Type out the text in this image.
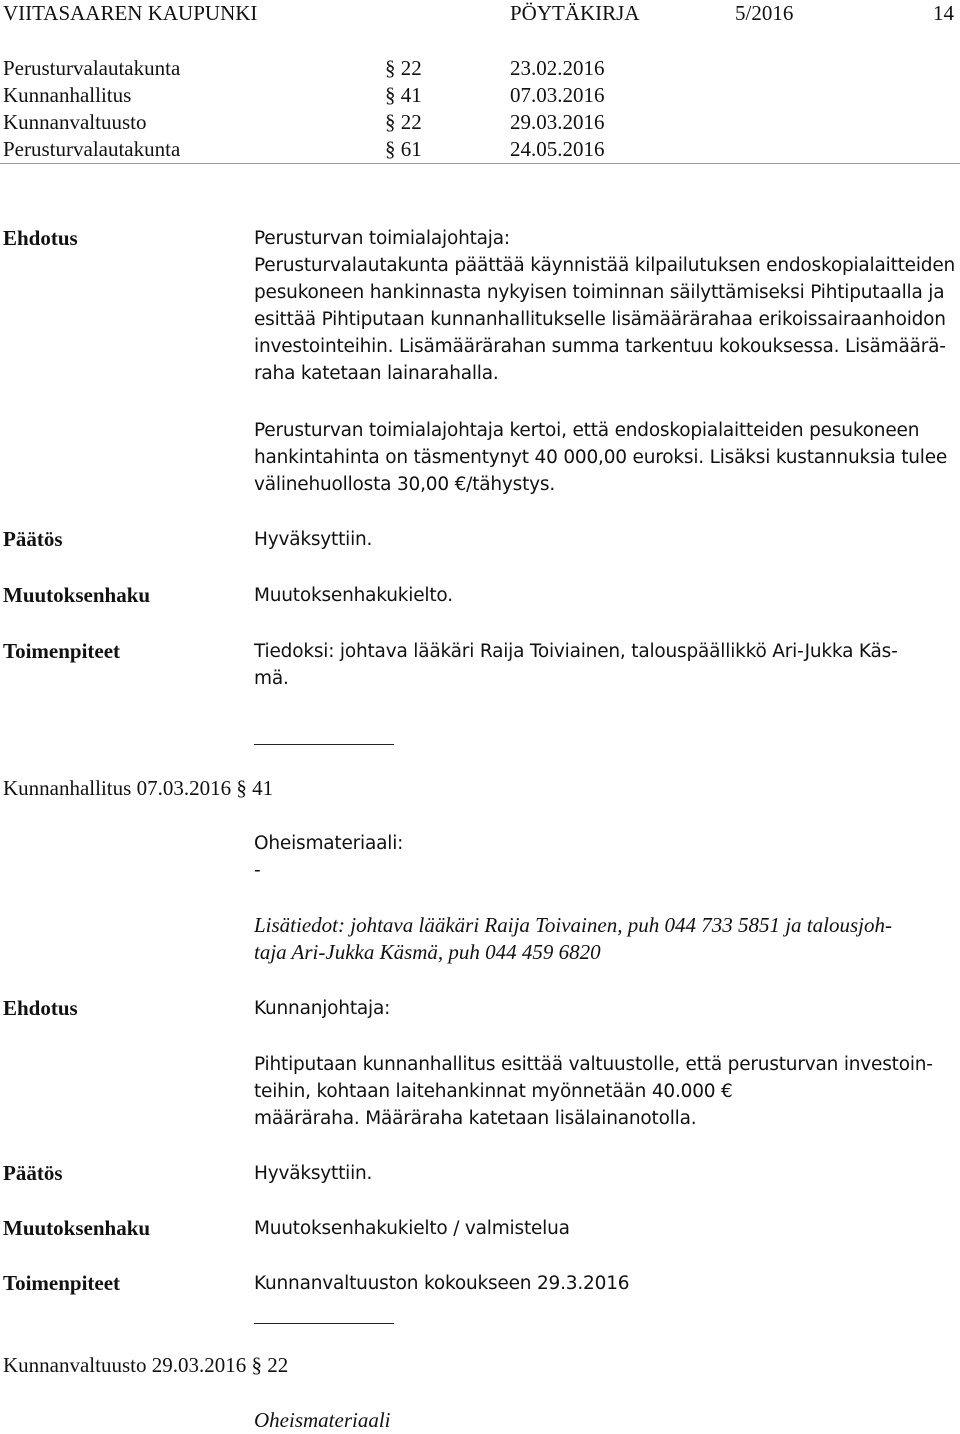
VIITASAAREN KAUPUNKI	PÖYTÄKIRJA	5/2016	14
Perusturvalautakunta	§ 22	23.02.2016
Kunnanhallitus	§ 41	07.03.2016
Kunnanvaltuusto	§ 22	29.03.2016
Perusturvalautakunta	§ 61	24.05.2016
Ehdotus	Perusturvan toimialajohtaja:
Perusturvalautakunta päättää käynnistää kilpailutuksen endoskopialaitteiden
pesukoneen hankinnasta nykyisen toiminnan säilyttämiseksi Pihtiputaalla ja
esittää Pihtiputaan kunnanhallitukselle lisämäärärahaa erikoissairaanhoidon
investointeihin. Lisämäärärahan summa tarkentuu kokouksessa. Lisämäärä-
raha katetaan lainarahalla.
Perusturvan toimialajohtaja kertoi, että endoskopialaitteiden pesukoneen
hankintahinta on täsmentynyt 40 000,00 euroksi. Lisäksi kustannuksia tulee
välinehuollosta 30,00 €/tähystys.
Päätös	Hyväksyttiin.
Muutoksenhaku	Muutoksenhakukielto.
Toimenpiteet	Tiedoksi: johtava lääkäri Raija Toiviainen, talouspäällikkö Ari-Jukka Käs-
mä.
Kunnanhallitus 07.03.2016 § 41
Oheismateriaali:
-
Lisätiedot: johtava lääkäri Raija Toivainen, puh 044 733 5851 ja talousjoh-
taja Ari-Jukka Käsmä, puh 044 459 6820
Ehdotus	Kunnanjohtaja:
Pihtiputaan kunnanhallitus esittää valtuustolle, että perusturvan investoin-
teihin, kohtaan laitehankinnat myönnetään 40.000 €
määräraha. Määräraha katetaan lisälainanotolla.
Päätös	Hyväksyttiin.
Muutoksenhaku	Muutoksenhakukielto / valmistelua
Toimenpiteet	Kunnanvaltuuston kokoukseen 29.3.2016
Kunnanvaltuusto 29.03.2016 § 22
Oheismateriaali
